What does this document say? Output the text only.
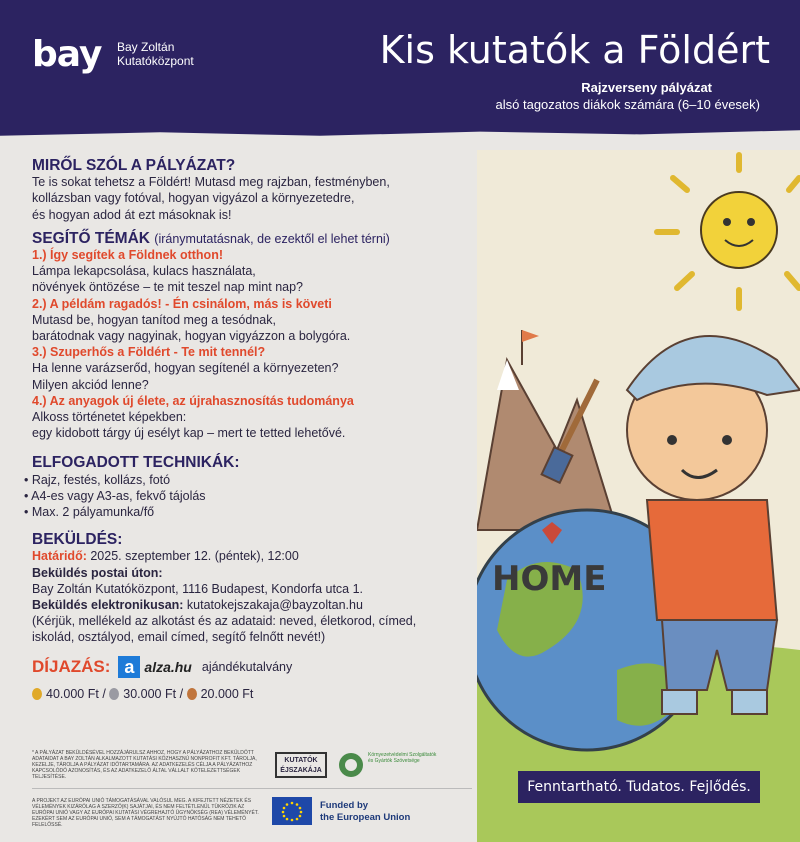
bay Bay Zoltán
Kutatóközpont	Kis kutatók a Földért
Rajzverseny pályázat
alsó tagozatos diákok számára (6–10 évesek)
MIRŐL SZÓL A PÁLYÁZAT?
Te is sokat tehetsz a Földért! Mutasd meg rajzban, festményben,
kollázsban vagy fotóval, hogyan vigyázol a környezetedre,
és hogyan adod át ezt másoknak is!
SEGÍTŐ TÉMÁK (iránymutatásnak, de ezektől el lehet térni)
1.) Így segítek a Földnek otthon!
Lámpa lekapcsolása, kulacs használata,
növények öntözése – te mit teszel nap mint nap?
2.) A példám ragadós! - Én csinálom, más is követi
Mutasd be, hogyan tanítod meg a tesódnak,
barátodnak vagy nagyinak, hogyan vigyázzon a bolygóra.
3.) Szuperhős a Földért - Te mit tennél?
Ha lenne varázserőd, hogyan segítenél a környezeten?
Milyen akciód lenne?
4.) Az anyagok új élete, az újrahasznosítás tudománya
Alkoss történetet képekben:
egy kidobott tárgy új esélyt kap – mert te tetted lehetővé.
ELFOGADOTT TECHNIKÁK:
• Rajz, festés, kollázs, fotó
• A4-es vagy A3-as, fekvő tájolás
• Max. 2 pályamunka/fő
BEKÜLDÉS:
Határidő: 2025. szeptember 12. (péntek), 12:00
Beküldés postai úton:
Bay Zoltán Kutatóközpont, 1116 Budapest, Kondorfa utca 1.
Beküldés elektronikusan: kutatokejszakaja@bayzoltan.hu
(Kérjük, mellékeld az alkotást és az adataid: neved, életkorod, címed,
iskolád, osztályod, email címed, segítő felnőtt nevét!)
DÍJAZÁS: a alza.hu ajándékutalvány
40.000 Ft / 30.000 Ft / 20.000 Ft
* A PÁLYÁZAT BEKÜLDÉSÉVEL HOZZÁJÁRULSZ AHHOZ, HOGY A PÁLYÁZATHOZ BEKÜLDÖTT ADATAIDAT A BAY ZOLTÁN ALKALMAZOTT KUTATÁSI KÖZHASZNÚ NONPROFIT KFT. TÁROLJA, KEZELJE, TÁROLJA A PÁLYÁZAT IDŐTARTAMÁRA. AZ ADATKEZELÉS CÉLJA A PÁLYÁZATHOZ KAPCSOLÓDÓ AZONOSÍTÁS, ÉS AZ ADATKEZELŐ ÁLTAL VÁLLALT KÖTELEZETTSÉGEK TELJESÍTÉSE.
KUTATÓK
ÉJSZAKÁJA
Környezetvédelmi Szolgáltatók és Gyártók Szövetsége
A PROJEKT AZ EURÓPAI UNIÓ TÁMOGATÁSÁVAL VALÓSUL MEG. A KIFEJTETT NÉZETEK ÉS VÉLEMÉNYEK KIZÁRÓLAG A SZERZŐ(K) SAJÁTJAI, ÉS NEM FELTÉTLENÜL TÜKRÖZIK AZ EURÓPAI UNIÓ VAGY AZ EURÓPAI KUTATÁSI VÉGREHAJTÓ ÜGYNÖKSÉG (REA) VÉLEMÉNYÉT. EZEKÉRT SEM AZ EURÓPAI UNIÓ, SEM A TÁMOGATÁST NYÚJTÓ HATÓSÁG NEM TEHETŐ FELELŐSSÉ.
Funded by
the European Union
HOME
Fenntartható. Tudatos. Fejlődés.
